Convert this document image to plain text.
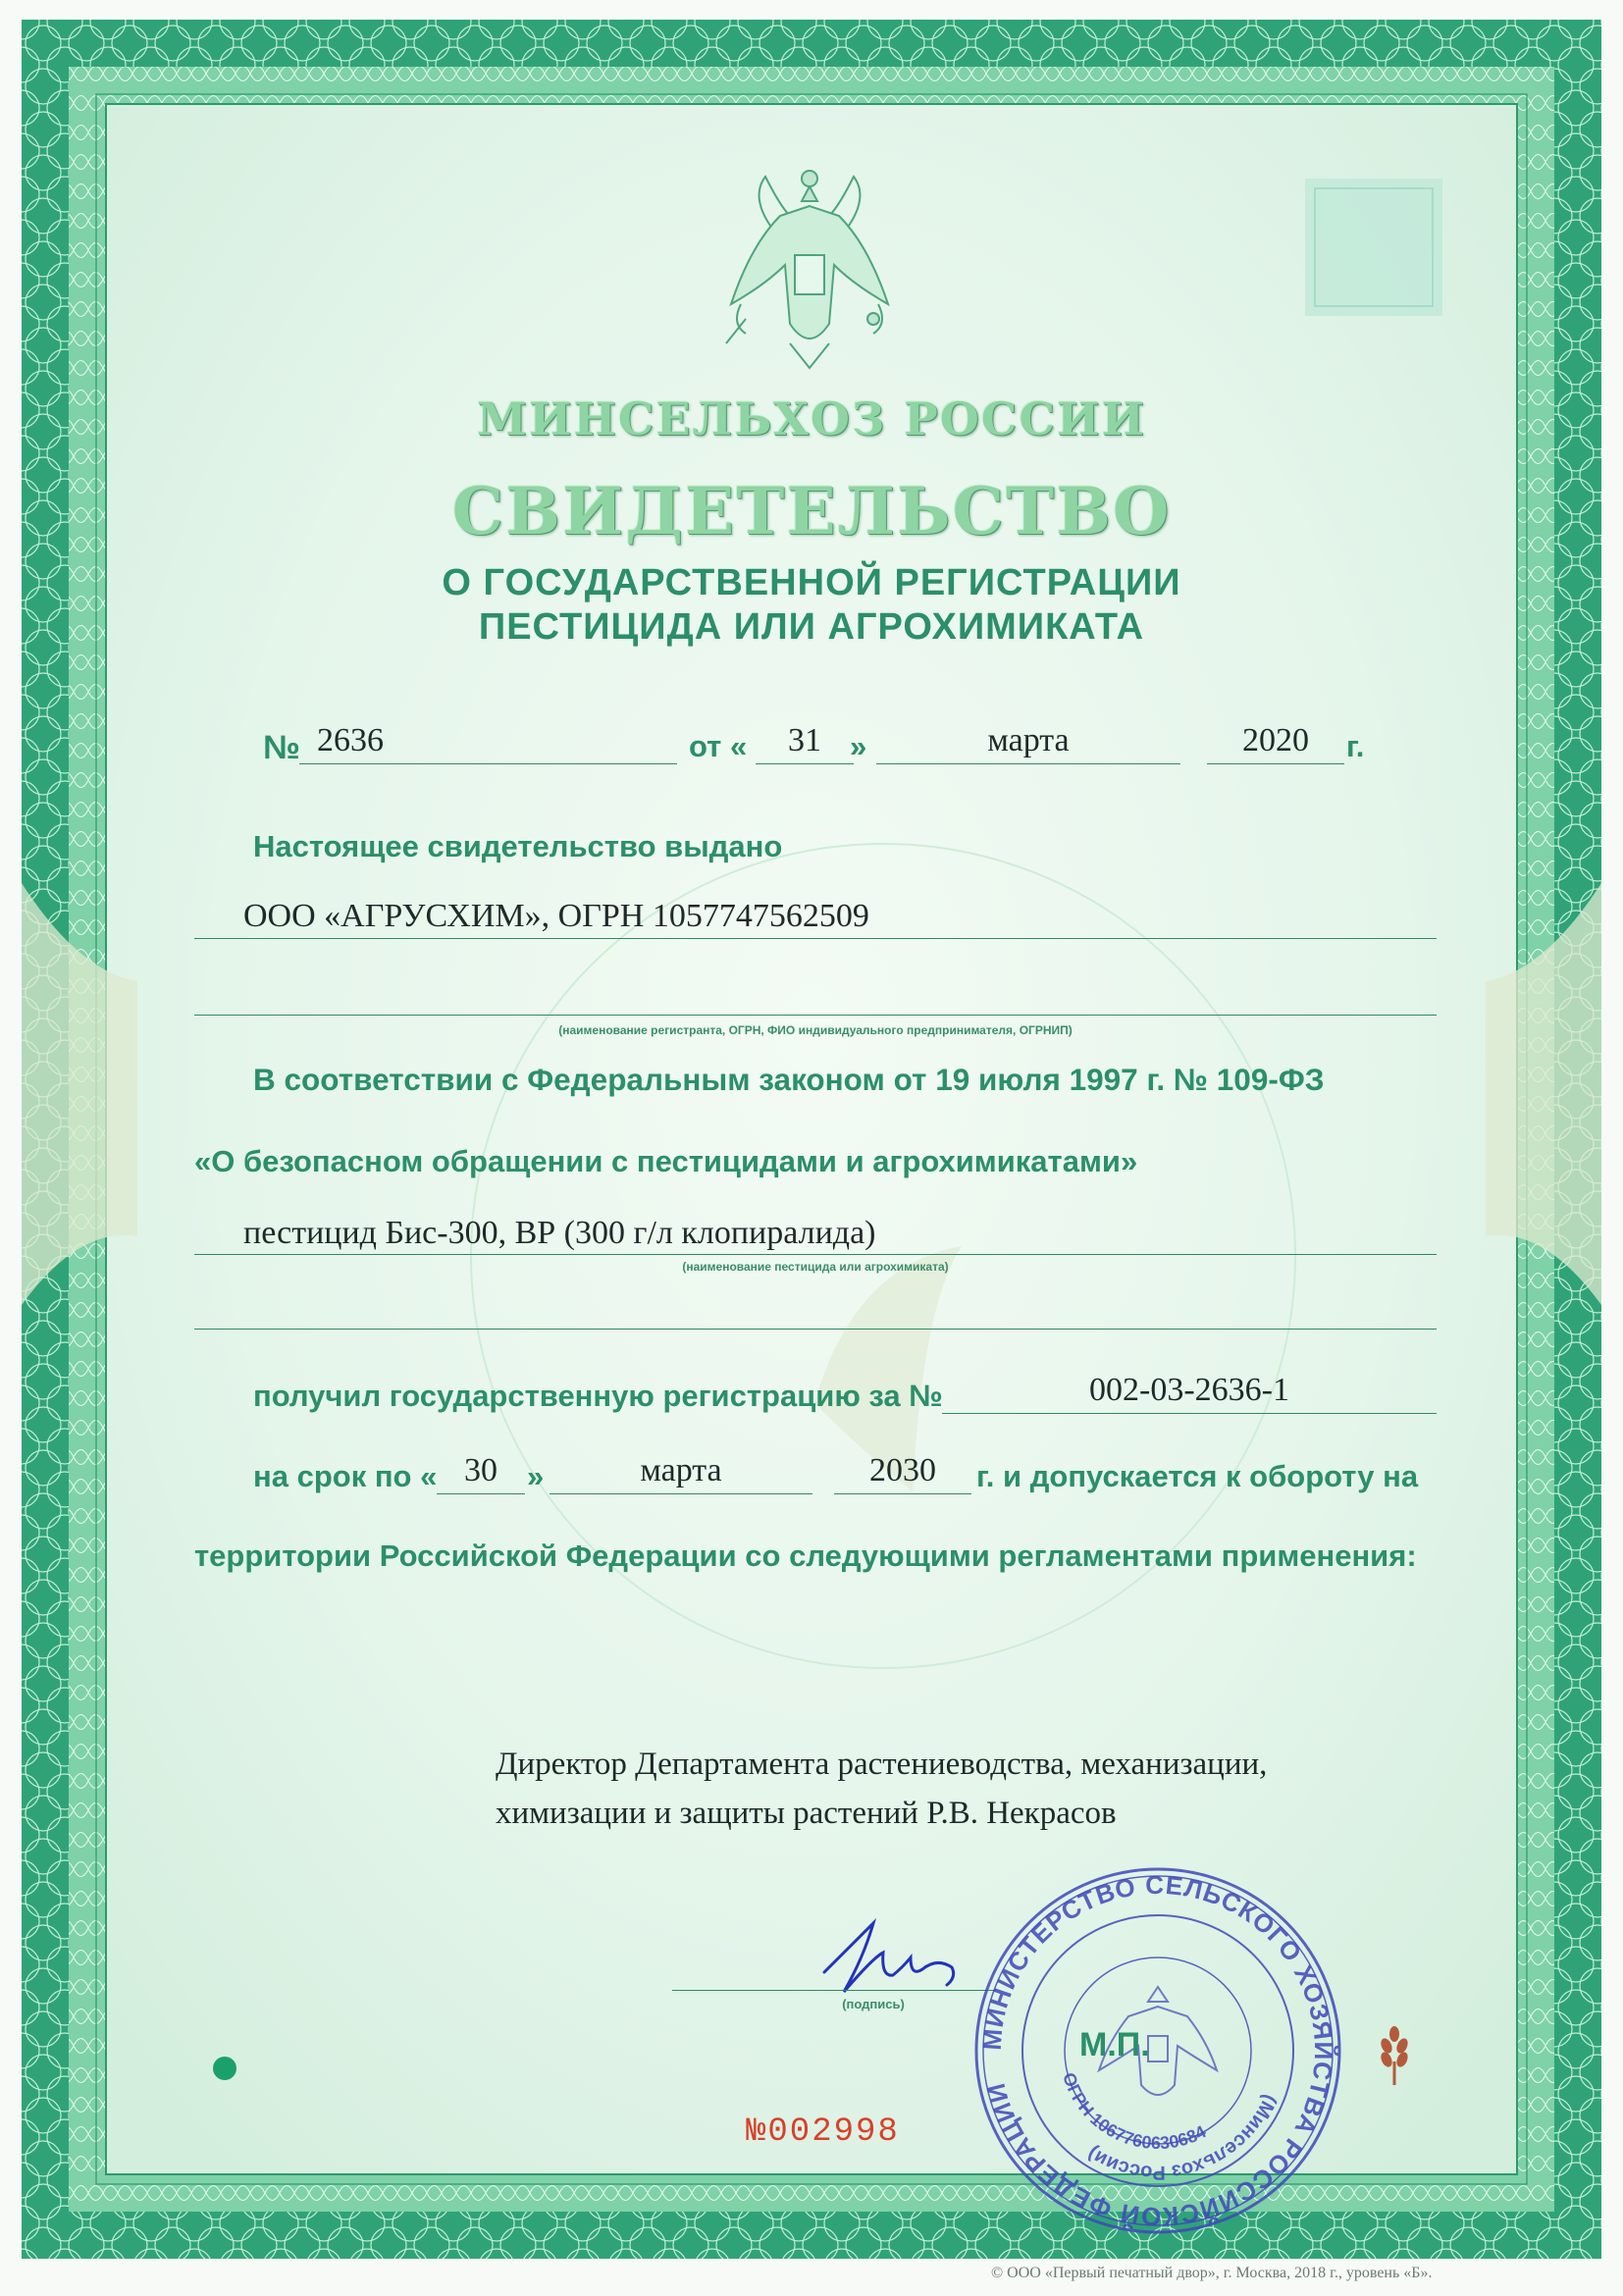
МИНСЕЛЬХОЗ РОССИИ
СВИДЕТЕЛЬСТВО
О ГОСУДАРСТВЕННОЙ РЕГИСТРАЦИИ
ПЕСТИЦИДА ИЛИ АГРОХИМИКАТА
№ 2636	от «	31 »	марта	2020	г.
Настоящее свидетельство выдано
ООО «АГРУСХИМ», ОГРН 1057747562509
(наименование регистранта, ОГРН, ФИО индивидуального предпринимателя, ОГРНИП)
В соответствии с Федеральным законом от 19 июля 1997 г. № 109-ФЗ
«О безопасном обращении с пестицидами и агрохимикатами»
пестицид Бис-300, ВР (300 г/л клопиралида)
(наименование пестицида или агрохимиката)
получил государственную регистрацию за №	002-03-2636-1
на срок по « 30 »	марта	2030	г. и допускается к обороту на
территории Российской Федерации со следующими регламентами применения:
Директор Департамента растениеводства, механизации,
химизации и защиты растений Р.В. Некрасов
(подпись)
МИНИСТЕРСТВО СЕЛЬСКОГО ХОЗЯЙСТВА РОССИЙСКОЙ ФЕДЕРАЦИИ	(Минсельхоз России)
ОГРН 1067760630684
М.П.
№002998
© ООО «Первый печатный двор», г. Москва, 2018 г., уровень «Б».
